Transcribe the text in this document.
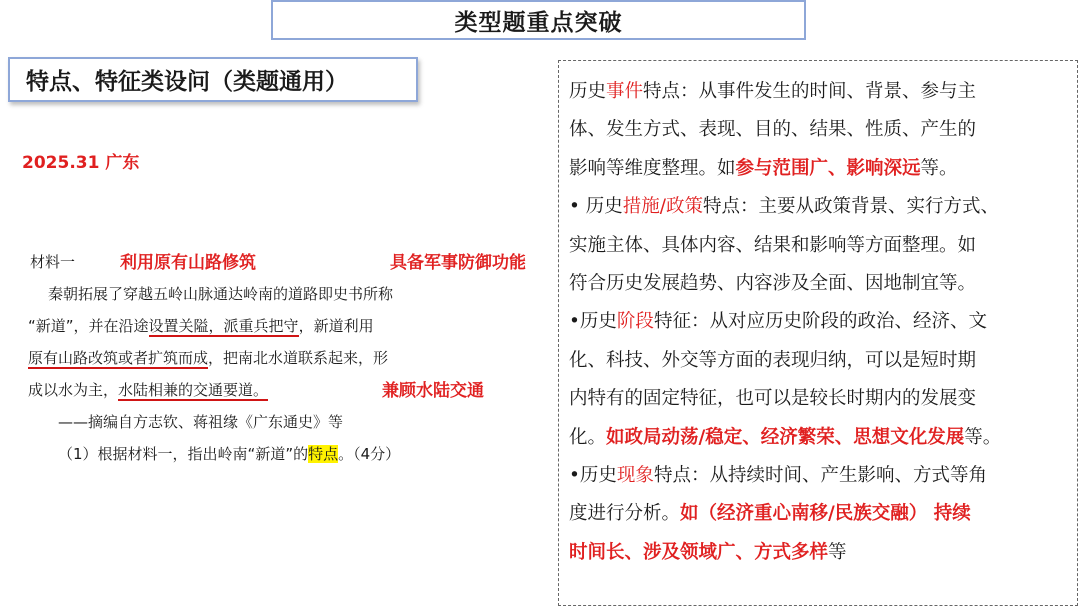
类型题重点突破
特点、特征类设问（类题通用）
2025.31 广东
材料一	利用原有山路修筑	具备军事防御功能
兼顾水陆交通
秦朝拓展了穿越五岭山脉通达岭南的道路即史书所称
“新道”，并在沿途设置关隘，派重兵把守，新道利用
原有山路改筑或者扩筑而成，把南北水道联系起来，形
成以水为主，水陆相兼的交通要道。
——摘编自方志钦、蒋祖缘《广东通史》等
（1）根据材料一，指出岭南“新道”的特点。（4分）
历史事件特点：从事件发生的时间、背景、参与主
体、发生方式、表现、目的、结果、性质、产生的
影响等维度整理。如参与范围广、影响深远等。
• 历史措施/政策特点：主要从政策背景、实行方式、
实施主体、具体内容、结果和影响等方面整理。如
符合历史发展趋势、内容涉及全面、因地制宜等。
•历史阶段特征：从对应历史阶段的政治、经济、文
化、科技、外交等方面的表现归纳，可以是短时期
内特有的固定特征，也可以是较长时期内的发展变
化。如政局动荡/稳定、经济繁荣、思想文化发展等。
•历史现象特点：从持续时间、产生影响、方式等角
度进行分析。如（经济重心南移/民族交融） 持续
时间长、涉及领域广、方式多样等
